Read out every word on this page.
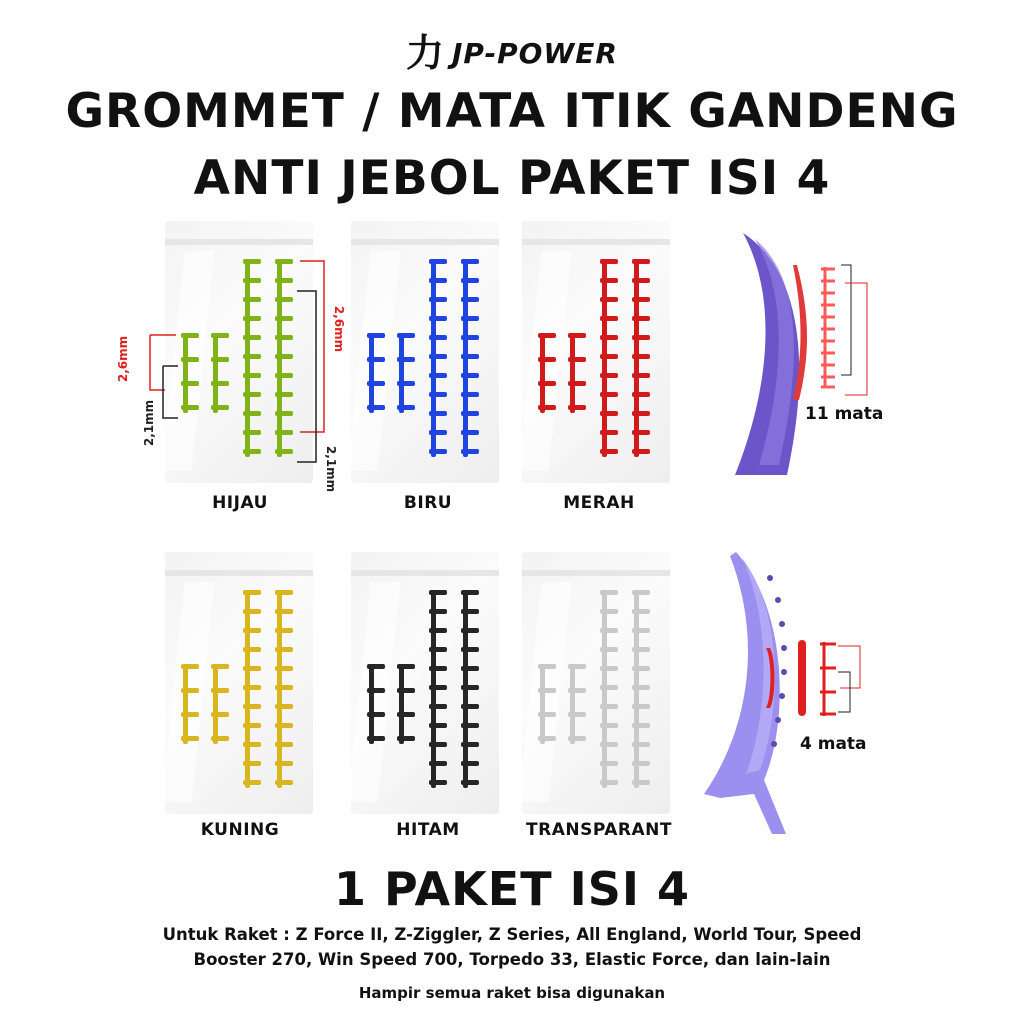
力 JP-POWER
GROMMET / MATA ITIK GANDENG
ANTI JEBOL PAKET ISI 4
HIJAU	BIRU	MERAH
KUNING	HITAM	TRANSPARANT
2,6mm
2,1mm
2,6mm
2,1mm
11 mata
4 mata
1 PAKET ISI 4
Untuk Raket : Z Force II, Z-Ziggler, Z Series, All England, World Tour, Speed
Booster 270, Win Speed 700, Torpedo 33, Elastic Force, dan lain-lain
Hampir semua raket bisa digunakan
